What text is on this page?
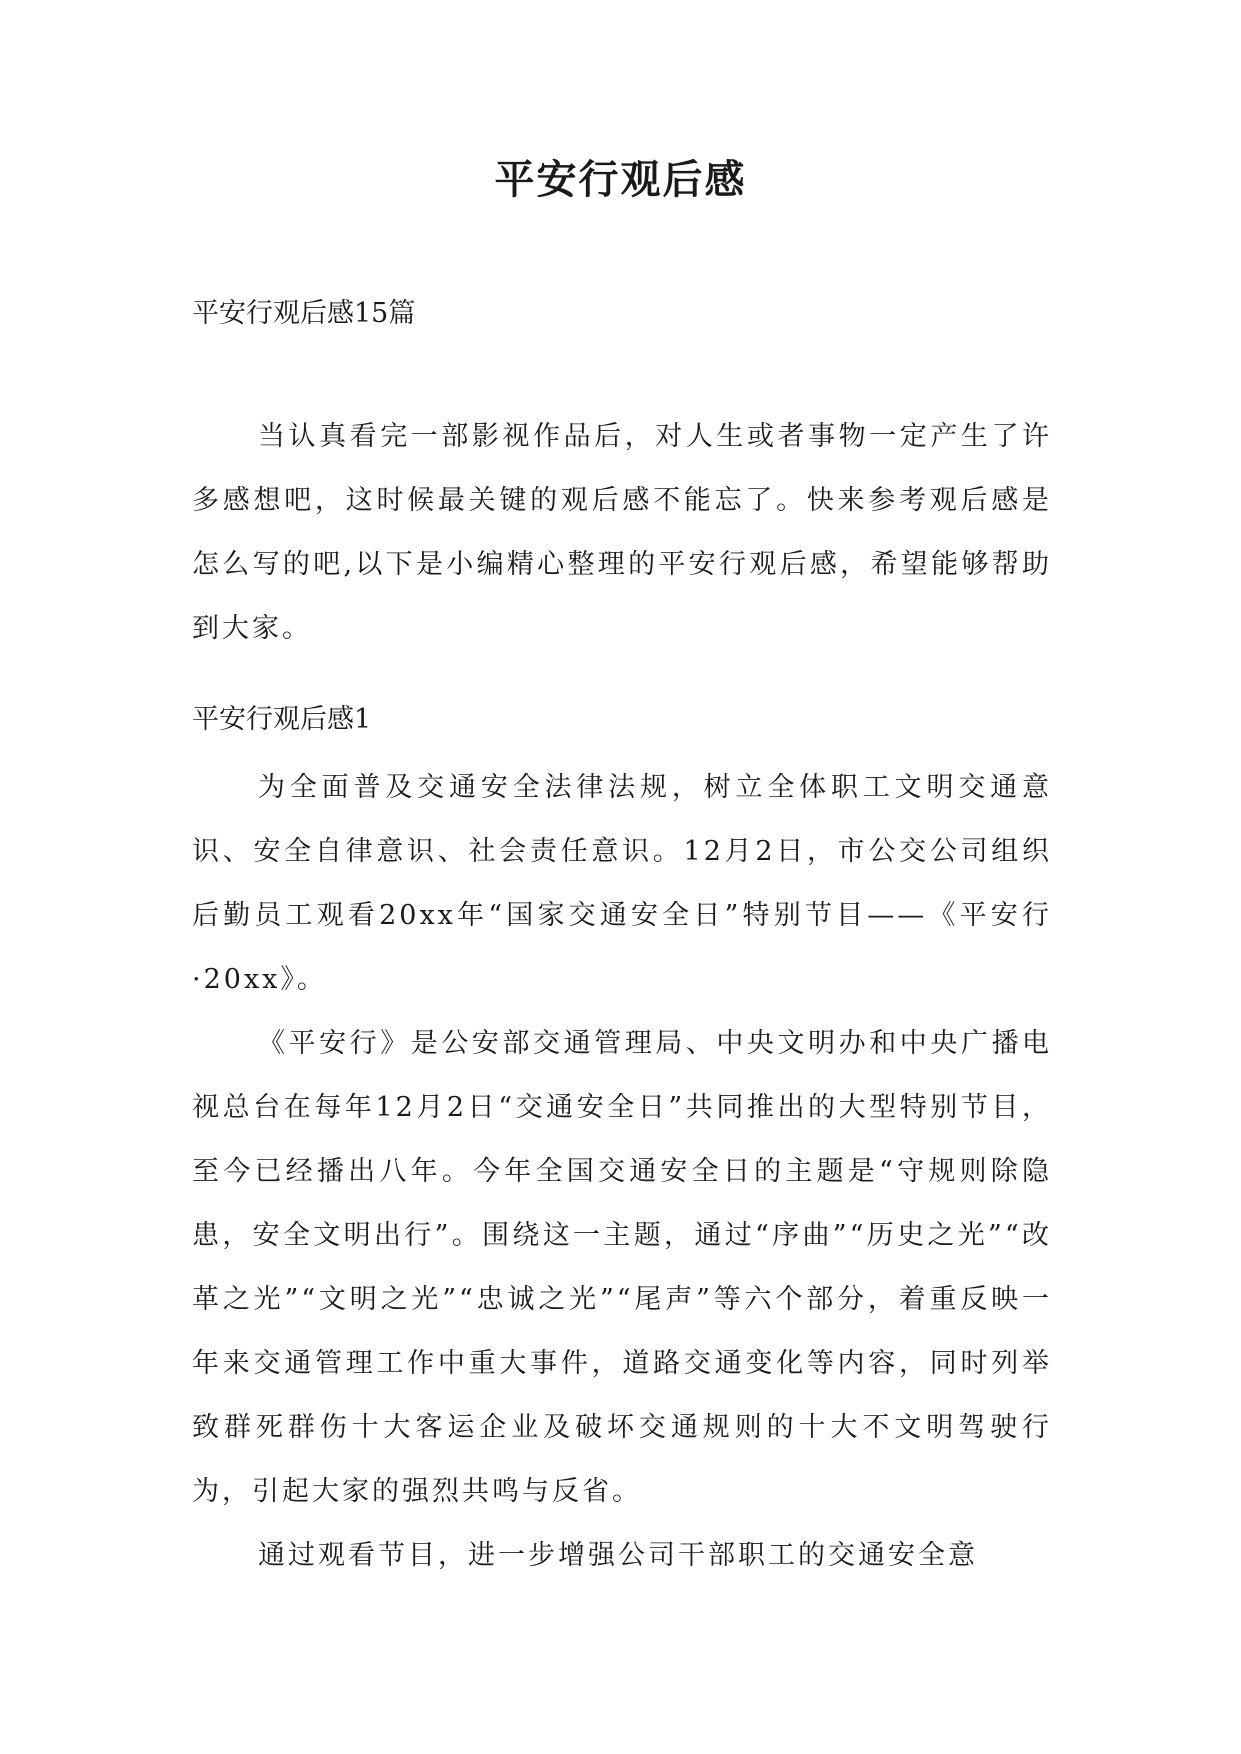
平安行观后感

平安行观后感15篇

当认真看完一部影视作品后，对人生或者事物一定产生了许多感想吧，这时候最关键的观后感不能忘了。快来参考观后感是怎么写的吧,以下是小编精心整理的平安行观后感，希望能够帮助到大家。

平安行观后感1

为全面普及交通安全法律法规，树立全体职工文明交通意识、安全自律意识、社会责任意识。12月2日，市公交公司组织后勤员工观看20xx年“国家交通安全日”特别节目——《平安行·20xx》。

《平安行》是公安部交通管理局、中央文明办和中央广播电视总台在每年12月2日“交通安全日”共同推出的大型特别节目，至今已经播出八年。今年全国交通安全日的主题是“守规则除隐患，安全文明出行”。围绕这一主题，通过“序曲”“历史之光”“改革之光”“文明之光”“忠诚之光”“尾声”等六个部分，着重反映一年来交通管理工作中重大事件，道路交通变化等内容，同时列举致群死群伤十大客运企业及破坏交通规则的十大不文明驾驶行为，引起大家的强烈共鸣与反省。

通过观看节目，进一步增强公司干部职工的交通安全意
